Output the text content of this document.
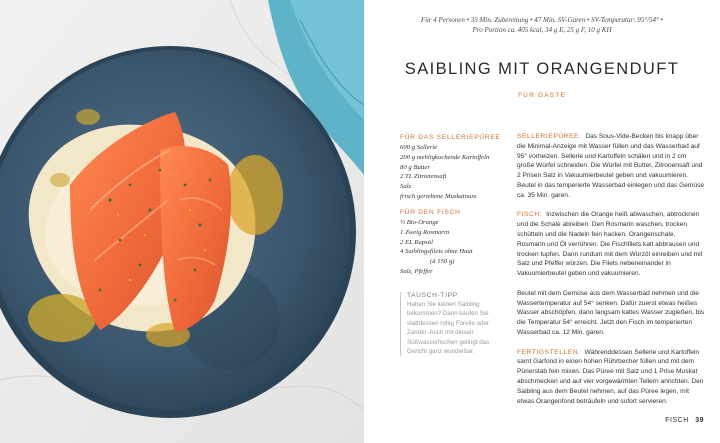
Für 4 Personen • 35 Min. Zubereitung • 47 Min. SV-Garen • SV-Temperatur: 95°/54° •
Pro Portion ca. 405 kcal, 34 g E, 25 g F, 10 g KH
SAIBLING MIT ORANGENDUFT
FÜR GÄSTE
FÜR DAS SELLERIEPÜREE
600 g Sellerie
200 g mehligkochende Kartoffeln
80 g Butter
2 TL Zitronensaft
Salz
frisch geriebene Muskatnuss
FÜR DEN FISCH
½ Bio-Orange
1 Zweig Rosmarin
2 EL Rapsöl
4 Saiblingsfilets ohne Haut
(à 150 g)
Salz, Pfeffer
TAUSCH-TIPP
Haben Sie keinen Saibling bekommen? Dann kaufen Sie stattdessen ruhig Forelle oder Zander. Auch mit diesen Süßwasserfischen gelingt das Gericht ganz wunderbar.
SELLERIEPÜREE: Das Sous-Vide-Becken bis knapp über die Minimal-Anzeige mit Wasser füllen und das Wasserbad auf 95° vorheizen. Sellerie und Kartoffeln schälen und in 2 cm große Würfel schneiden. Die Würfel mit Butter, Zitronensaft und 2 Prisen Salz in Vakuumierbeutel geben und vakuumieren. Beutel in das temperierte Wasserbad einlegen und das Gemüse ca. 35 Min. garen.
FISCH: Inzwischen die Orange heiß abwaschen, abtrocknen und die Schale abreiben. Den Rosmarin waschen, trocken schütteln und die Nadeln fein hacken. Orangenschale, Rosmarin und Öl verrühren. Die Fischfilets kalt abbrausen und trocken tupfen. Dann rundum mit dem Würzöl einreiben und mit Salz und Pfeffer würzen. Die Filets nebeneinander in Vakuumierbeutel geben und vakuumieren.
Beutel mit dem Gemüse aus dem Wasserbad nehmen und die Wassertemperatur auf 54° senken. Dafür zuerst etwas heißes Wasser abschöpfen, dann langsam kaltes Wasser zugießen, bis die Temperatur 54° erreicht. Jetzt den Fisch im temperierten Wasserbad ca. 12 Min. garen.
FERTIGSTELLEN: Währenddessen Sellerie und Kartoffeln samt Garfond in einen hohen Rührbecher füllen und mit dem Pürierstab fein mixen. Das Püree mit Salz und 1 Prise Muskat abschmecken und auf vier vorgewärmten Tellern anrichten. Den Saibling aus dem Beutel nehmen, auf das Püree legen, mit etwas Orangenfond beträufeln und sofort servieren.
FISCH 39
